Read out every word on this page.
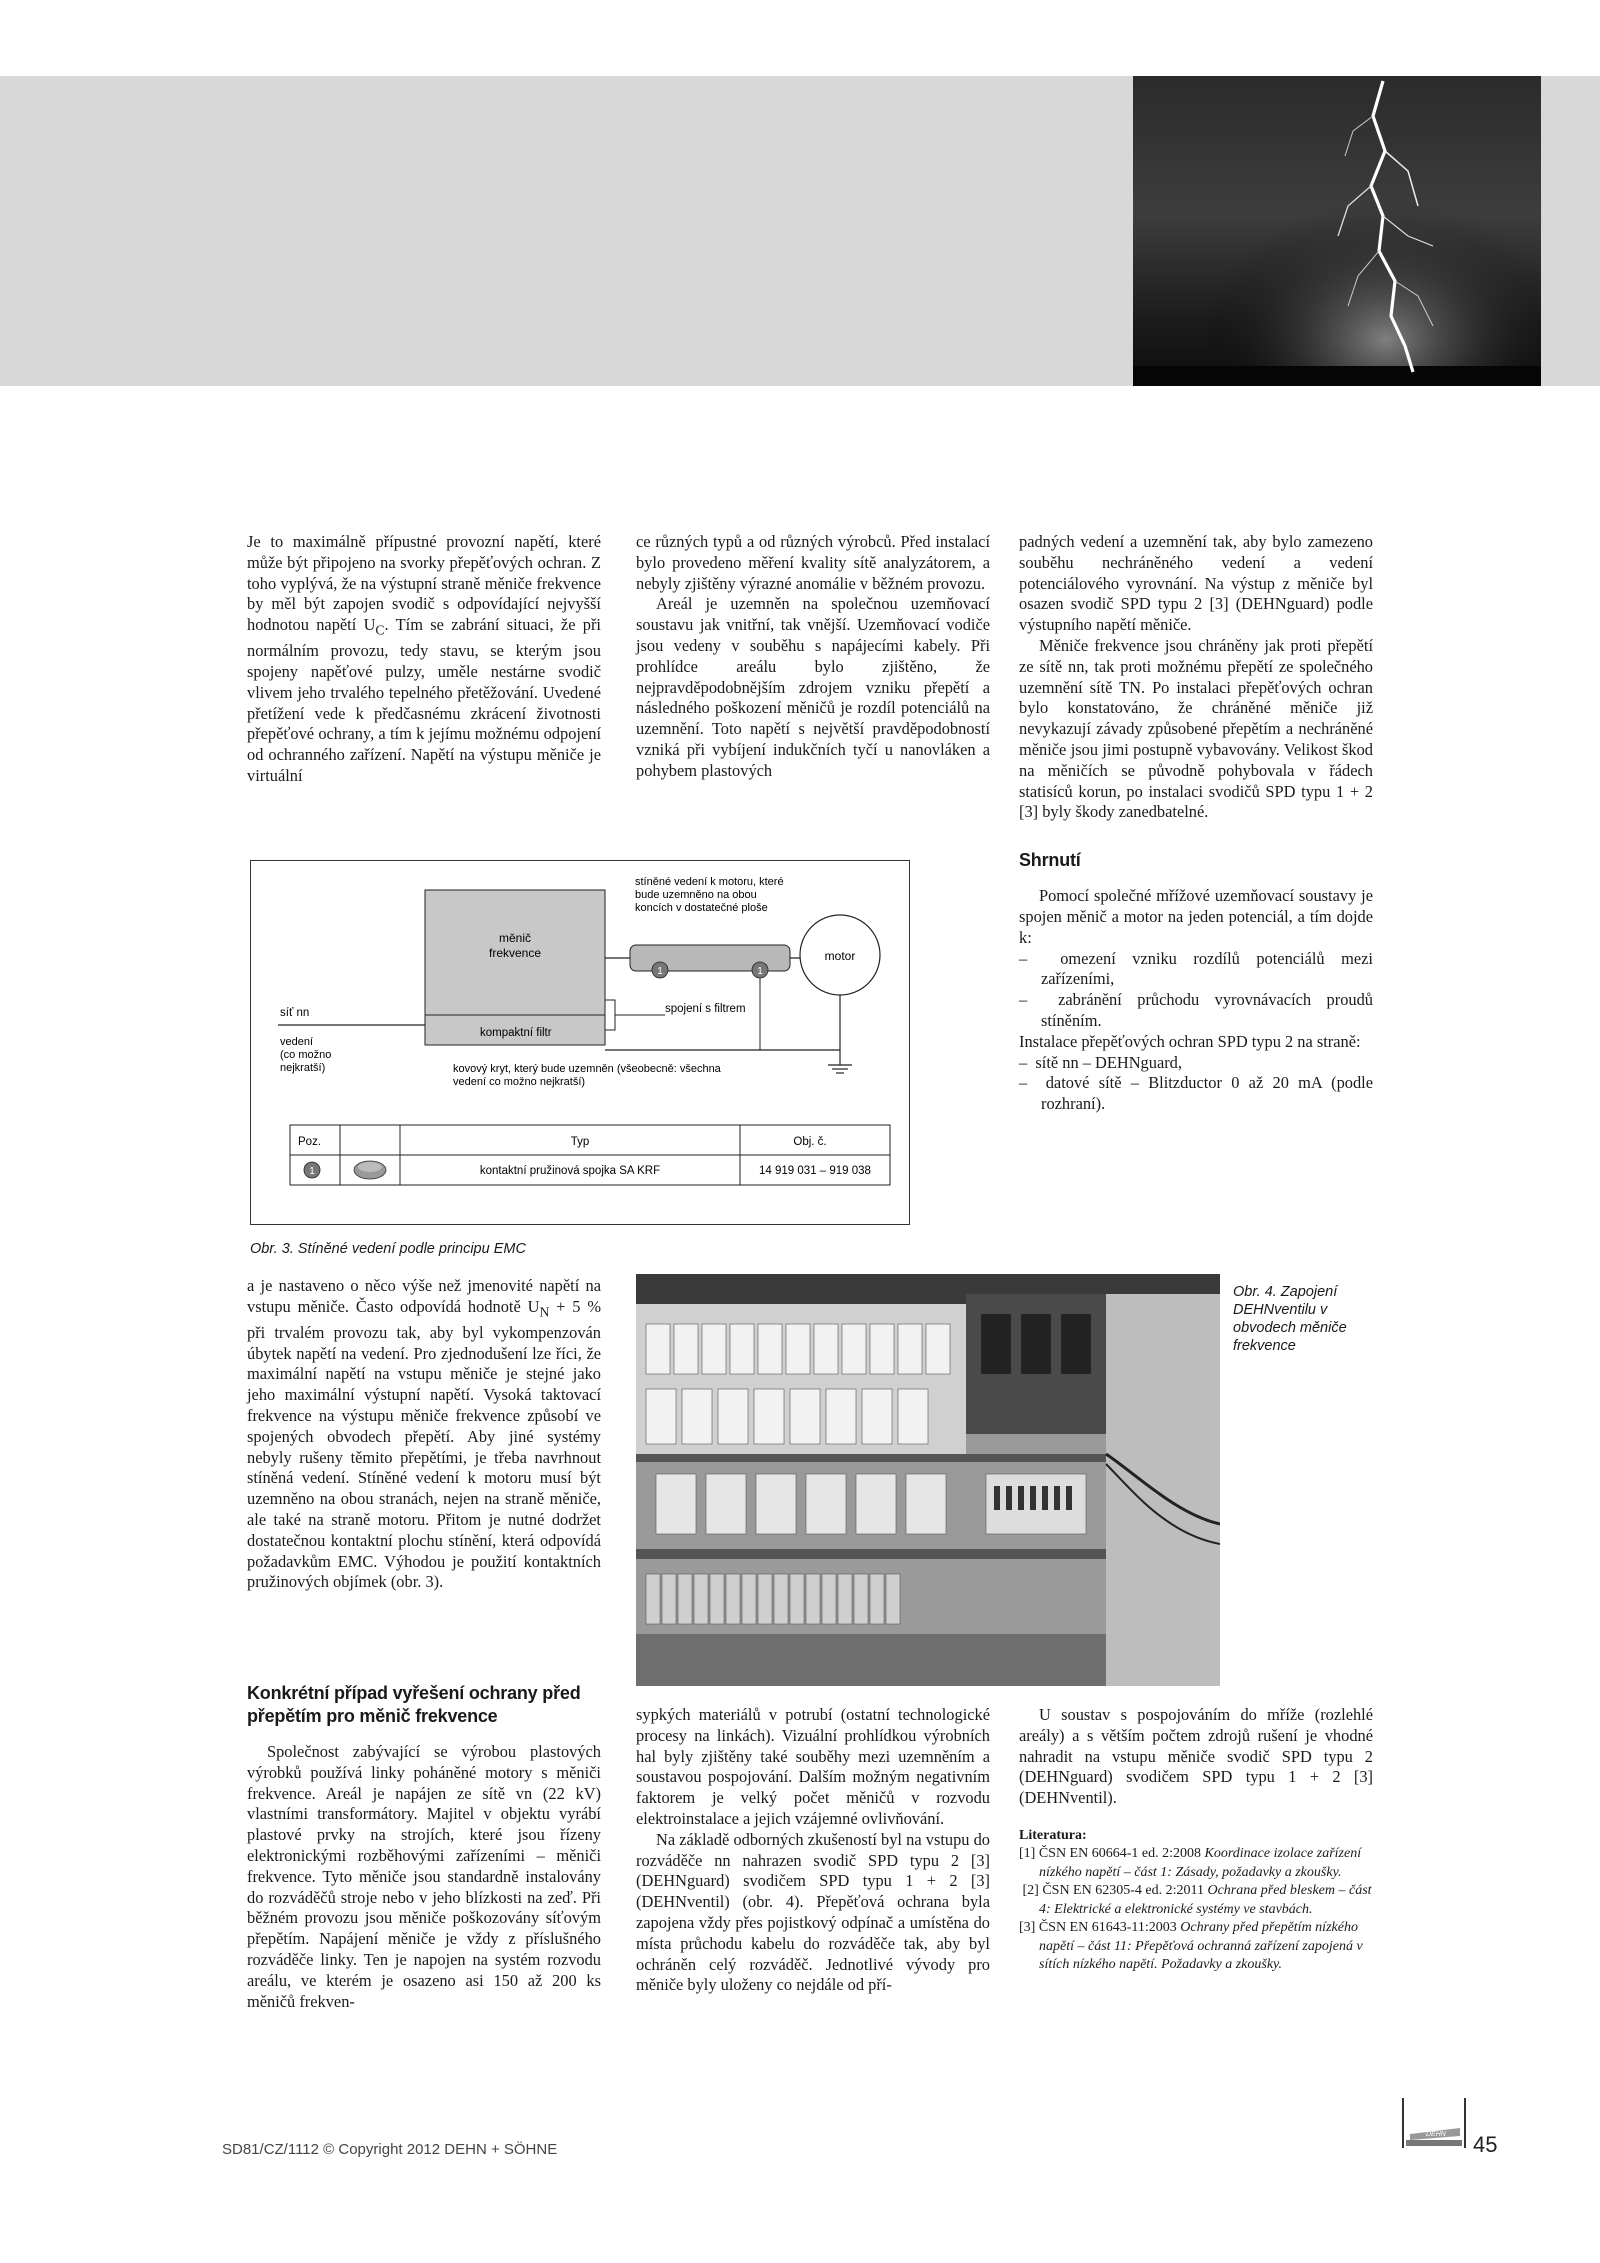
Je to maximálně přípustné provozní napětí, které může být připojeno na svorky přepěťových ochran. Z toho vyplývá, že na výstupní straně měniče frekvence by měl být zapojen svodič s odpovídající nejvyšší hodnotou napětí $U_C$. Tím se zabrání situaci, že při normálním provozu, tedy stavu, se kterým jsou spojeny napěťové pulzy, uměle nestárne svodič vlivem jeho trvalého tepelného přetěžování. Uvedené přetížení vede k předčasnému zkrácení životnosti přepěťové ochrany, a tím k jejímu možnému odpojení od ochranného zařízení. Napětí na výstupu měniče je virtuální

ce různých typů a od různých výrobců. Před instalací bylo provedeno měření kvality sítě analyzátorem, a nebyly zjištěny výrazné anomálie v běžném provozu.

Areál je uzemněn na společnou uzemňovací soustavu jak vnitřní, tak vnější. Uzemňovací vodiče jsou vedeny v souběhu s napájecími kabely. Při prohlídce areálu bylo zjištěno, že nejpravděpodobnějším zdrojem vzniku přepětí a následného poškození měničů je rozdíl potenciálů na uzemnění. Toto napětí s největší pravděpodobností vzniká při vybíjení indukčních tyčí u nanovláken a pohybem plastových

padných vedení a uzemnění tak, aby bylo zamezeno souběhu nechráněného vedení a vedení potenciálového vyrovnání. Na výstup z měniče byl osazen svodič SPD typu 2 [3] (DEHNguard) podle výstupního napětí měniče.

Měniče frekvence jsou chráněny jak proti přepětí ze sítě nn, tak proti možnému přepětí ze společného uzemnění sítě TN. Po instalaci přepěťových ochran bylo konstatováno, že chráněné měniče již nevykazují závady způsobené přepětím a nechráněné měniče jsou jimi postupně vybavovány. Velikost škod na měničích se původně pohybovala v řádech statisíců korun, po instalaci svodičů SPD typu 1 + 2 [3] byly škody zanedbatelné.

Shrnutí

Pomocí společné mřížové uzemňovací soustavy je spojen měnič a motor na jeden potenciál, a tím dojde k:

–  omezení vzniku rozdílů potenciálů mezi zařízeními,
–  zabránění průchodu vyrovnávacích proudů stíněním.

Instalace přepěťových ochran SPD typu 2 na straně:

–  sítě nn – DEHNguard,
–  datové sítě – Blitzductor 0 až 20 mA (podle rozhraní).
měnič
frekvence
kompaktní filtr
síť nn
vedení
(co možno
nejkratší)	kovový kryt, který bude uzemněn (všeobecně: všechna
vedení co možno nejkratší)
spojení s filtrem
1	1
stíněné vedení k motoru, které
bude uzemněno na obou
koncích v dostatečné ploše
motor
Poz.	Typ	Obj. č.
1	kontaktní pružinová spojka SA KRF	14 919 031 – 919 038
Obr. 3. Stíněné vedení podle principu EMC

a je nastaveno o něco výše než jmenovité napětí na vstupu měniče. Často odpovídá hodnotě $U_N + 5$ % při trvalém provozu tak, aby byl vykompenzován úbytek napětí na vedení. Pro zjednodušení lze říci, že maximální napětí na vstupu měniče je stejné jako jeho maximální výstupní napětí. Vysoká taktovací frekvence na výstupu měniče frekvence způsobí ve spojených obvodech přepětí. Aby jiné systémy nebyly rušeny těmito přepětími, je třeba navrhnout stíněná vedení. Stíněné vedení k motoru musí být uzemněno na obou stranách, nejen na straně měniče, ale také na straně motoru. Přitom je nutné dodržet dostatečnou kontaktní plochu stínění, která odpovídá požadavkům EMC. Výhodou je použití kontaktních pružinových objímek (obr. 3).

Obr. 4. Zapojení DEHNventilu v obvodech měniče frekvence
Konkrétní případ vyřešení ochrany před přepětím pro měnič frekvence

Společnost zabývající se výrobou plastových výrobků používá linky poháněné motory s měniči frekvence. Areál je napájen ze sítě vn (22 kV) vlastními transformátory. Majitel v objektu vyrábí plastové prvky na strojích, které jsou řízeny elektronickými rozběhovými zařízeními – měniči frekvence. Tyto měniče jsou standardně instalovány do rozváděčů stroje nebo v jeho blízkosti na zeď. Při běžném provozu jsou měniče poškozovány síťovým přepětím. Napájení měniče je vždy z příslušného rozváděče linky. Ten je napojen na systém rozvodu areálu, ve kterém je osazeno asi 150 až 200 ks měničů frekven-

sypkých materiálů v potrubí (ostatní technologické procesy na linkách). Vizuální prohlídkou výrobních hal byly zjištěny také souběhy mezi uzemněním a soustavou pospojování. Dalším možným negativním faktorem je velký počet měničů v rozvodu elektroinstalace a jejich vzájemné ovlivňování.

Na základě odborných zkušeností byl na vstupu do rozváděče nn nahrazen svodič SPD typu 2 [3] (DEHNguard) svodičem SPD typu 1 + 2 [3] (DEHNventil) (obr. 4). Přepěťová ochrana byla zapojena vždy přes pojistkový odpínač a umístěna do místa průchodu kabelu do rozváděče tak, aby byl ochráněn celý rozváděč. Jednotlivé vývody pro měniče byly uloženy co nejdále od pří-

U soustav s pospojováním do mříže (rozlehlé areály) a s větším počtem zdrojů rušení je vhodné nahradit na vstupu měniče svodič SPD typu 2 (DEHNguard) svodičem SPD typu 1 + 2 [3] (DEHNventil).

Literatura:

[1] ČSN EN 60664-1 ed. 2:2008 Koordinace izolace zařízení nízkého napětí – část 1: Zásady, požadavky a zkoušky.

[2] ČSN EN 62305-4 ed. 2:2011 Ochrana před bleskem – část 4: Elektrické a elektronické systémy ve stavbách.

[3] ČSN EN 61643-11:2003 Ochrany před přepětím nízkého napětí – část 11: Přepěťová ochranná zařízení zapojená v sítích nízkého napětí. Požadavky a zkoušky.

SD81/CZ/1112 © Copyright 2012 DEHN + SÖHNE
DEHN 45
